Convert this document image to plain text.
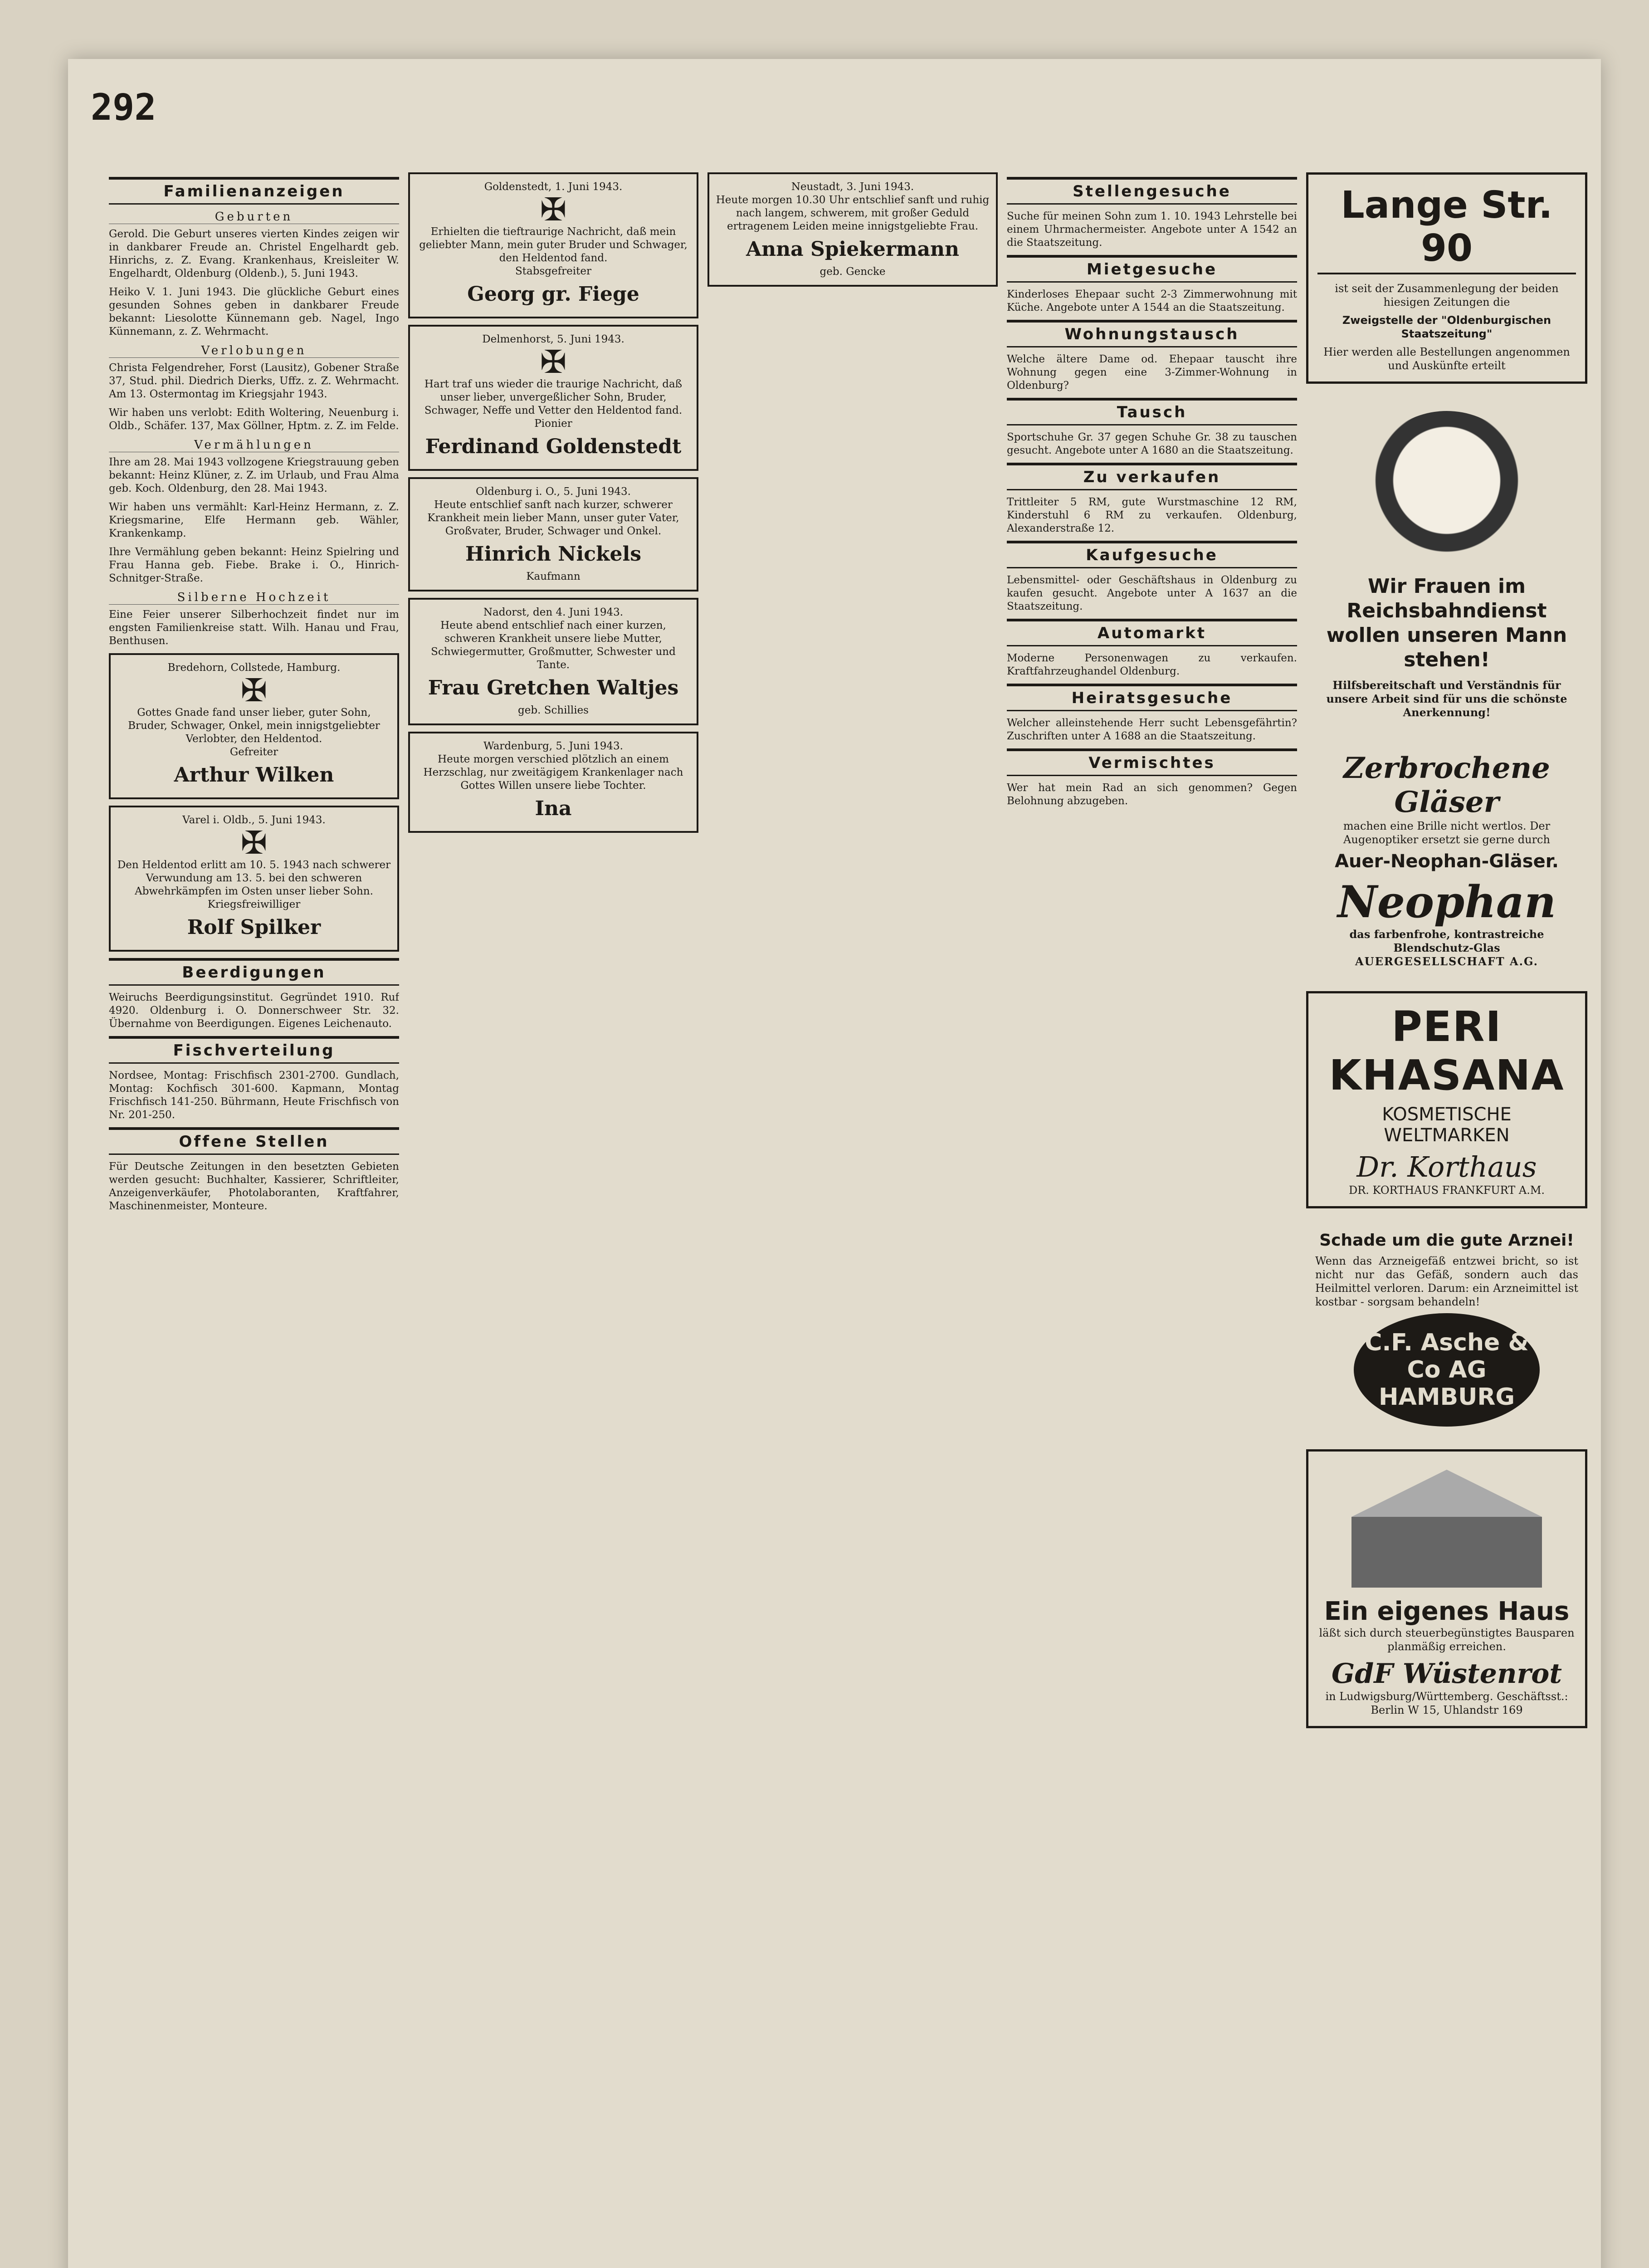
292
Familienanzeigen
Geburten

Gerold. Die Geburt unseres vierten Kindes zeigen wir in dankbarer Freude an. Christel Engelhardt geb. Hinrichs, z. Z. Evang. Krankenhaus, Kreisleiter W. Engelhardt, Oldenburg (Oldenb.), 5. Juni 1943.

Heiko V. 1. Juni 1943. Die glückliche Geburt eines gesunden Sohnes geben in dankbarer Freude bekannt: Liesolotte Künnemann geb. Nagel, Ingo Künnemann, z. Z. Wehrmacht.

Verlobungen

Christa Felgendreher, Forst (Lausitz), Gobener Straße 37, Stud. phil. Diedrich Dierks, Uffz. z. Z. Wehrmacht. Am 13. Ostermontag im Kriegsjahr 1943.

Wir haben uns verlobt: Edith Woltering, Neuenburg i. Oldb., Schäfer. 137, Max Göllner, Hptm. z. Z. im Felde.

Vermählungen

Ihre am 28. Mai 1943 vollzogene Kriegstrauung geben bekannt: Heinz Klüner, z. Z. im Urlaub, und Frau Alma geb. Koch. Oldenburg, den 28. Mai 1943.

Wir haben uns vermählt: Karl-Heinz Hermann, z. Z. Kriegsmarine, Elfe Hermann geb. Wähler, Krankenkamp.

Ihre Vermählung geben bekannt: Heinz Spielring und Frau Hanna geb. Fiebe. Brake i. O., Hinrich-Schnitger-Straße.

Silberne Hochzeit

Eine Feier unserer Silberhochzeit findet nur im engsten Familienkreise statt. Wilh. Hanau und Frau, Benthusen.

Bredehorn, Collstede, Hamburg.
✠
Gottes Gnade fand unser lieber, guter Sohn, Bruder, Schwager, Onkel, mein innigstgeliebter Verlobter, den Heldentod.
Gefreiter
Arthur Wilken
Varel i. Oldb., 5. Juni 1943.
✠
Den Heldentod erlitt am 10. 5. 1943 nach schwerer Verwundung am 13. 5. bei den schweren Abwehrkämpfen im Osten unser lieber Sohn.
Kriegsfreiwilliger
Rolf Spilker
Beerdigungen

Weiruchs Beerdigungsinstitut. Gegründet 1910. Ruf 4920. Oldenburg i. O. Donnerschweer Str. 32. Übernahme von Beerdigungen. Eigenes Leichenauto.

Fischverteilung

Nordsee, Montag: Frischfisch 2301-2700. Gundlach, Montag: Kochfisch 301-600. Kapmann, Montag Frischfisch 141-250. Bührmann, Heute Frischfisch von Nr. 201-250.

Offene Stellen

Für Deutsche Zeitungen in den besetzten Gebieten werden gesucht: Buchhalter, Kassierer, Schriftleiter, Anzeigenverkäufer, Photolaboranten, Kraftfahrer, Maschinenmeister, Monteure.

Goldenstedt, 1. Juni 1943.
✠
Erhielten die tieftraurige Nachricht, daß mein geliebter Mann, mein guter Bruder und Schwager, den Heldentod fand.
Stabsgefreiter
Georg gr. Fiege
Delmenhorst, 5. Juni 1943.
✠
Hart traf uns wieder die traurige Nachricht, daß unser lieber, unvergeßlicher Sohn, Bruder, Schwager, Neffe und Vetter den Heldentod fand.
Pionier
Ferdinand Goldenstedt
Oldenburg i. O., 5. Juni 1943.
Heute entschlief sanft nach kurzer, schwerer Krankheit mein lieber Mann, unser guter Vater, Großvater, Bruder, Schwager und Onkel.
Hinrich Nickels
Kaufmann
Nadorst, den 4. Juni 1943.
Heute abend entschlief nach einer kurzen, schweren Krankheit unsere liebe Mutter, Schwiegermutter, Großmutter, Schwester und Tante.
Frau Gretchen Waltjes
geb. Schillies
Wardenburg, 5. Juni 1943.
Heute morgen verschied plötzlich an einem Herzschlag, nur zweitägigem Krankenlager nach Gottes Willen unsere liebe Tochter.
Ina
Neustadt, 3. Juni 1943.
Heute morgen 10.30 Uhr entschlief sanft und ruhig nach langem, schwerem, mit großer Geduld ertragenem Leiden meine innigstgeliebte Frau.
Anna Spiekermann
geb. Gencke
Stellengesuche

Suche für meinen Sohn zum 1. 10. 1943 Lehrstelle bei einem Uhrmachermeister. Angebote unter A 1542 an die Staatszeitung.

Mietgesuche

Kinderloses Ehepaar sucht 2-3 Zimmerwohnung mit Küche. Angebote unter A 1544 an die Staatszeitung.

Wohnungstausch

Welche ältere Dame od. Ehepaar tauscht ihre Wohnung gegen eine 3-Zimmer-Wohnung in Oldenburg?

Tausch

Sportschuhe Gr. 37 gegen Schuhe Gr. 38 zu tauschen gesucht. Angebote unter A 1680 an die Staatszeitung.

Zu verkaufen

Trittleiter 5 RM, gute Wurstmaschine 12 RM, Kinderstuhl 6 RM zu verkaufen. Oldenburg, Alexanderstraße 12.

Kaufgesuche

Lebensmittel- oder Geschäftshaus in Oldenburg zu kaufen gesucht. Angebote unter A 1637 an die Staatszeitung.

Automarkt

Moderne Personenwagen zu verkaufen. Kraftfahrzeughandel Oldenburg.

Heiratsgesuche

Welcher alleinstehende Herr sucht Lebensgefährtin? Zuschriften unter A 1688 an die Staatszeitung.

Vermischtes

Wer hat mein Rad an sich genommen? Gegen Belohnung abzugeben.

Lange Str. 90
ist seit der Zusammenlegung der beiden hiesigen Zeitungen die
Zweigstelle der "Oldenburgischen Staatszeitung"
Hier werden alle Bestellungen angenommen und Auskünfte erteilt
Wir Frauen im Reichsbahndienst wollen unseren Mann stehen!
Hilfsbereitschaft und Verständnis für unsere Arbeit sind für uns die schönste Anerkennung!
Zerbrochene Gläser
machen eine Brille nicht wertlos. Der Augenoptiker ersetzt sie gerne durch
Auer-Neophan-Gläser.
Neophan
das farbenfrohe, kontrastreiche Blendschutz-Glas
AUERGESELLSCHAFT A.G.
PERI KHASANA
KOSMETISCHE WELTMARKEN
Dr. Korthaus
DR. KORTHAUS FRANKFURT A.M.
Schade um die gute Arznei!
Wenn das Arzneigefäß entzwei bricht, so ist nicht nur das Gefäß, sondern auch das Heilmittel verloren. Darum: ein Arzneimittel ist kostbar - sorgsam behandeln!
C.F. Asche & Co AG HAMBURG
Ein eigenes Haus
läßt sich durch steuerbegünstigtes Bausparen planmäßig erreichen.
GdF Wüstenrot
in Ludwigsburg/Württemberg. Geschäftsst.: Berlin W 15, Uhlandstr 169
